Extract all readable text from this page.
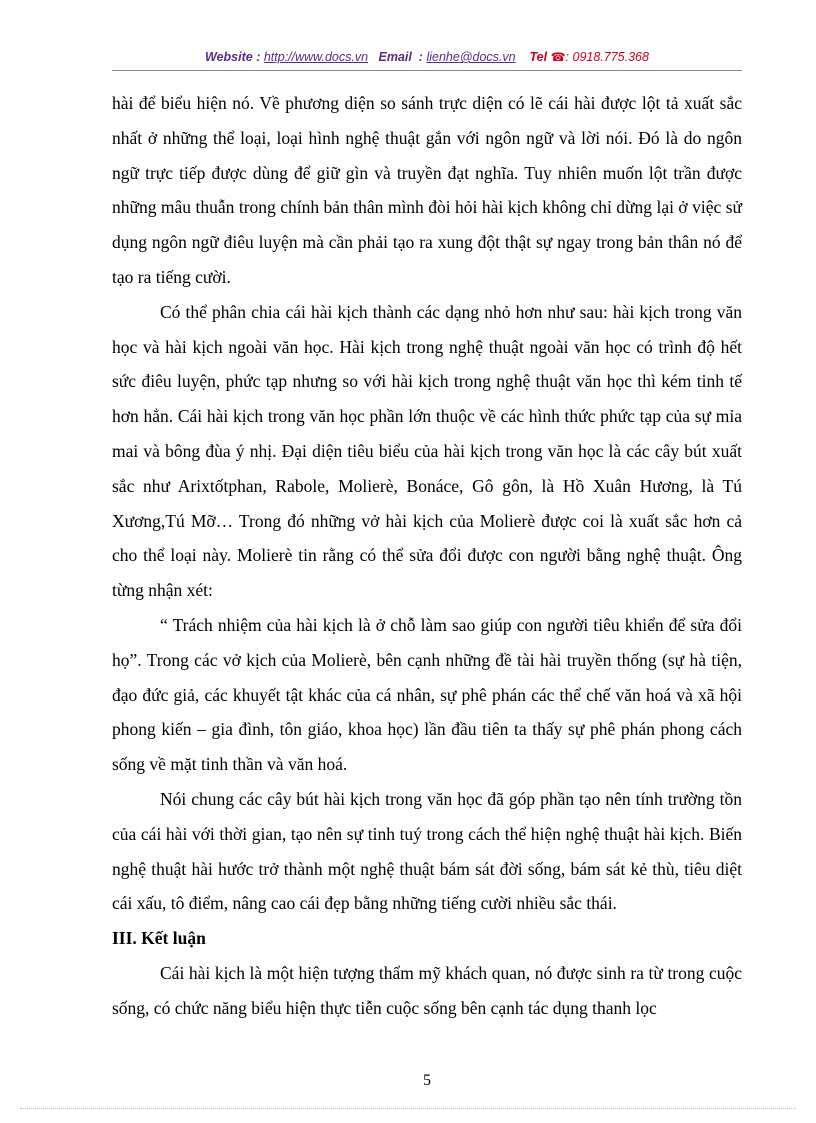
Website : http://www.docs.vn Email : lienhe@docs.vn Tel ☎: 0918.775.368

hài để biểu hiện nó. Về phương diện so sánh trực diện có lẽ cái hài được lột tả xuất sắc nhất ở những thể loại, loại hình nghệ thuật gắn với ngôn ngữ và lời nói. Đó là do ngôn ngữ trực tiếp được dùng để giữ gìn và truyền đạt nghĩa. Tuy nhiên muốn lột trần được những mâu thuẫn trong chính bản thân mình đòi hỏi hài kịch không chỉ dừng lại ở việc sử dụng ngôn ngữ điêu luyện mà cần phải tạo ra xung đột thật sự ngay trong bản thân nó để tạo ra tiếng cười.

Có thể phân chia cái hài kịch thành các dạng nhỏ hơn như sau: hài kịch trong văn học và hài kịch ngoài văn học. Hài kịch trong nghệ thuật ngoài văn học có trình độ hết sức điêu luyện, phức tạp nhưng so với hài kịch trong nghệ thuật văn học thì kém tinh tế hơn hẳn. Cái hài kịch trong văn học phần lớn thuộc về các hình thức phức tạp của sự mỉa mai và bông đùa ý nhị. Đại diện tiêu biểu của hài kịch trong văn học là các cây bút xuất sắc như Arixtốtphan, Rabole, Molierè, Bonáce, Gô gôn, là Hồ Xuân Hương, là Tú Xương,Tú Mỡ… Trong đó những vở hài kịch của Molierè được coi là xuất sắc hơn cả cho thể loại này. Molierè tin rằng có thể sửa đổi được con người bằng nghệ thuật. Ông từng nhận xét:

“ Trách nhiệm của hài kịch là ở chỗ làm sao giúp con người tiêu khiển để sửa đổi họ”. Trong các vở kịch của Molierè, bên cạnh những đề tài hài truyền thống (sự hà tiện, đạo đức giả, các khuyết tật khác của cá nhân, sự phê phán các thể chế văn hoá và xã hội phong kiến – gia đình, tôn giáo, khoa học) lần đầu tiên ta thấy sự phê phán phong cách sống về mặt tinh thần và văn hoá.

Nói chung các cây bút hài kịch trong văn học đã góp phần tạo nên tính trường tồn của cái hài với thời gian, tạo nên sự tinh tuý trong cách thể hiện nghệ thuật hài kịch. Biến nghệ thuật hài hước trở thành một nghệ thuật bám sát đời sống, bám sát kẻ thù, tiêu diệt cái xấu, tô điểm, nâng cao cái đẹp bằng những tiếng cười nhiều sắc thái.

III. Kết luận

Cái hài kịch là một hiện tượng thẩm mỹ khách quan, nó được sinh ra từ trong cuộc sống, có chức năng biểu hiện thực tiễn cuộc sống bên cạnh tác dụng thanh lọc

5
